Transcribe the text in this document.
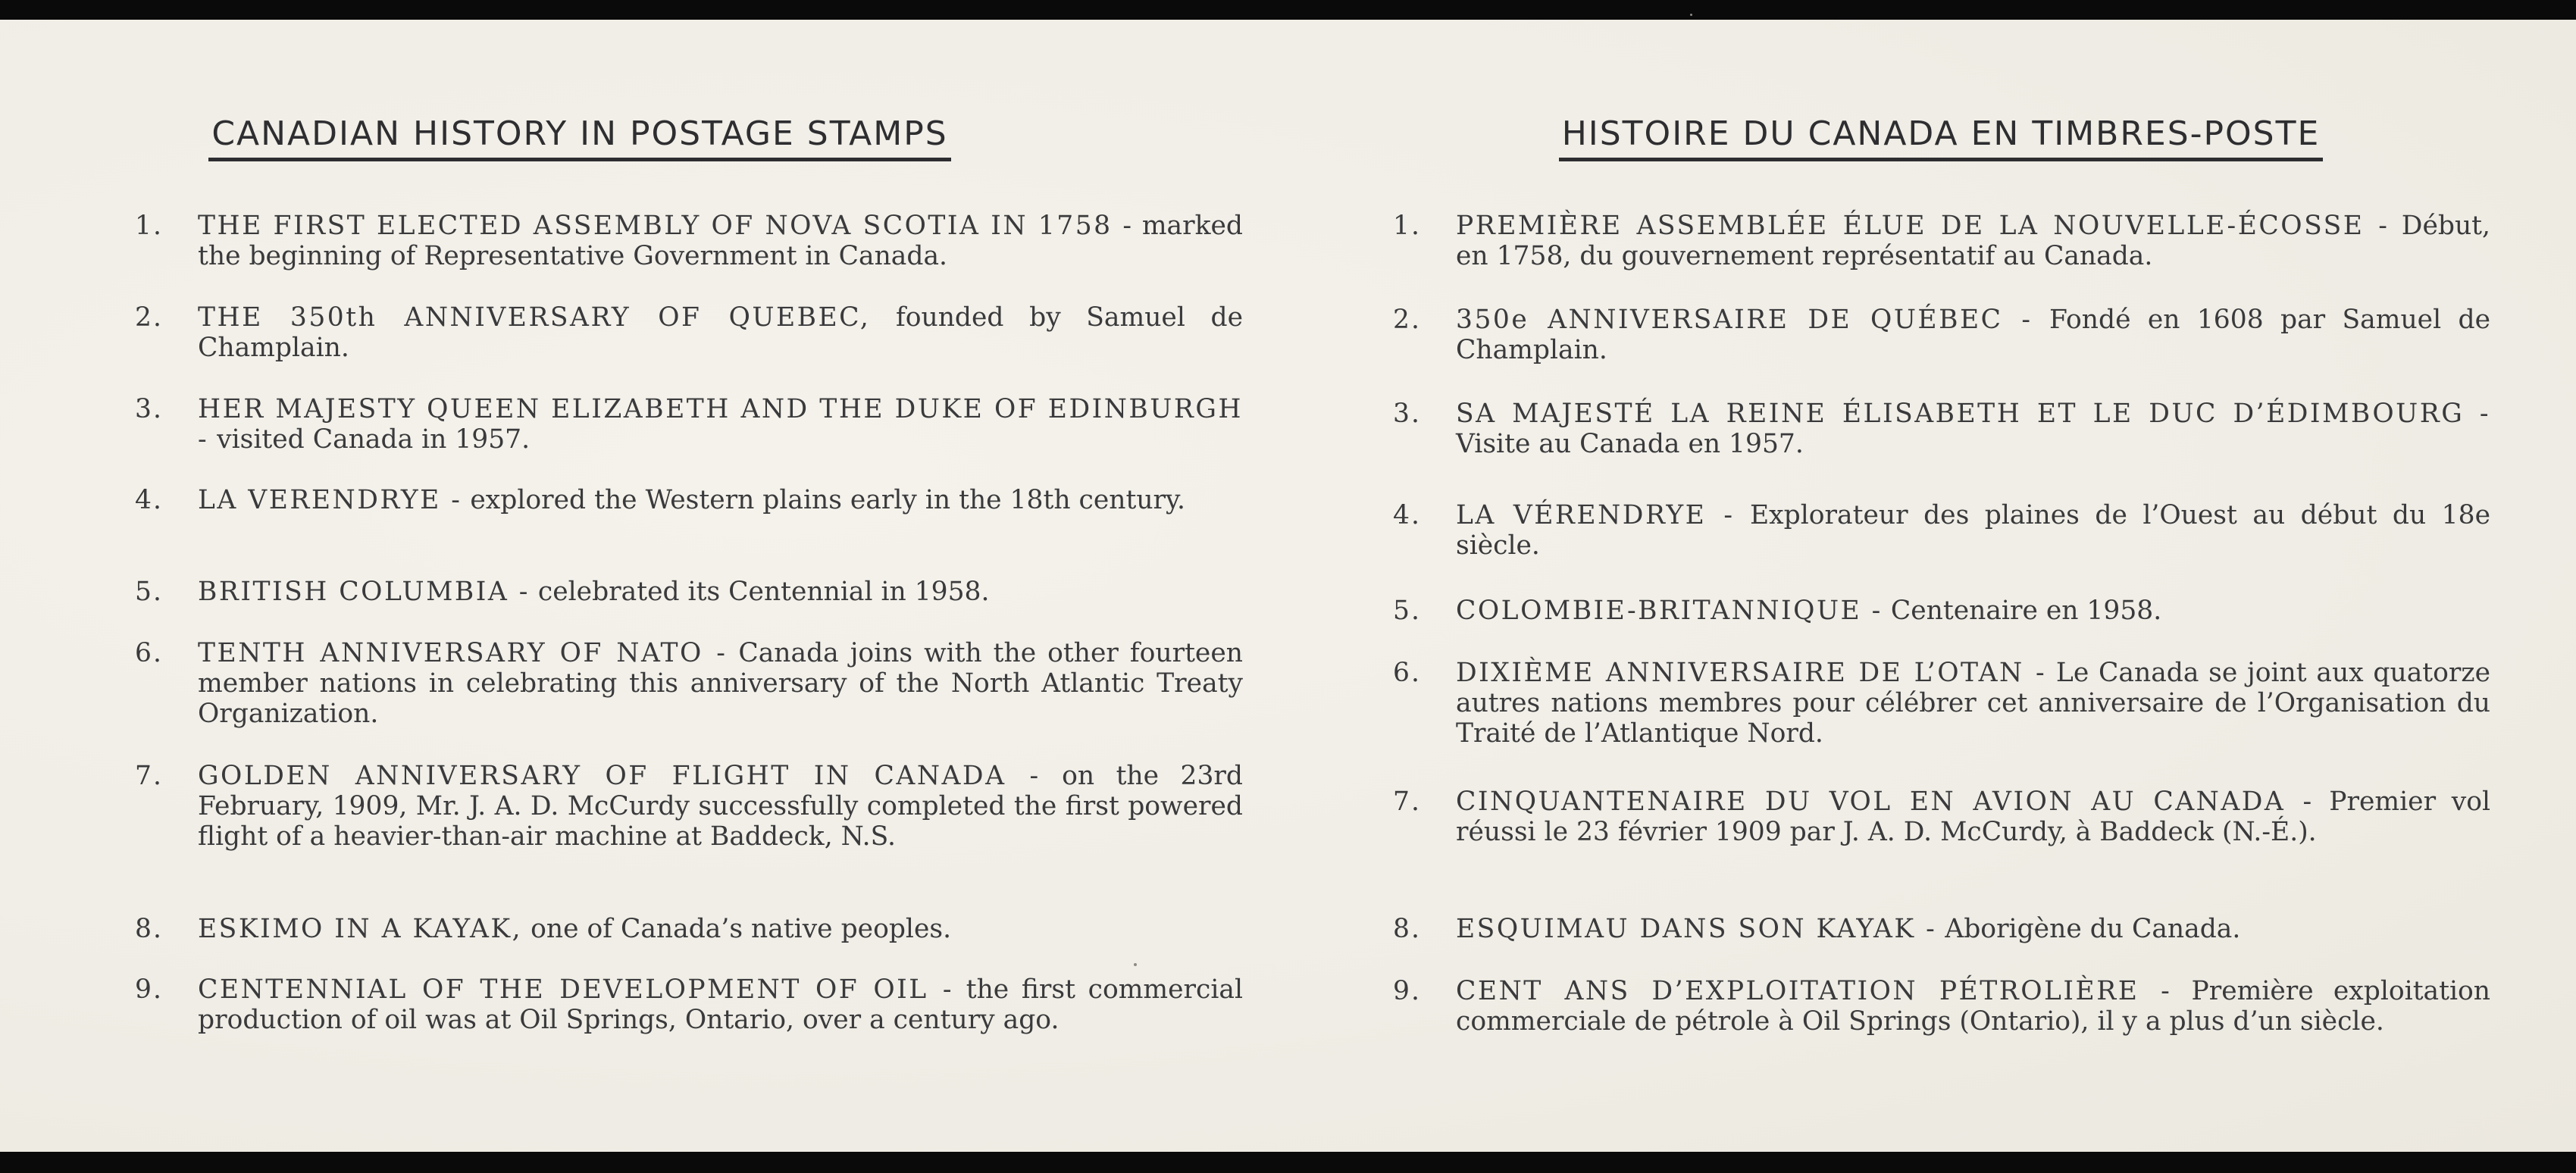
CANADIAN HISTORY IN POSTAGE STAMPS
1.	THE FIRST ELECTED ASSEMBLY OF NOVA SCOTIA IN 1758 - marked the beginning of Representative Government in Canada.
2.	THE 350th ANNIVERSARY OF QUEBEC, founded by Samuel de Champlain.
3.	HER MAJESTY QUEEN ELIZABETH AND THE DUKE OF EDINBURGH - visited Canada in 1957.
4.	LA VERENDRYE - explored the Western plains early in the 18th century.
5.	BRITISH COLUMBIA - celebrated its Centennial in 1958.
6.	TENTH ANNIVERSARY OF NATO - Canada joins with the other fourteen member nations in celebrating this anniversary of the North Atlantic Treaty Organization.
7.	GOLDEN ANNIVERSARY OF FLIGHT IN CANADA - on the 23rd February, 1909, Mr. J. A. D. McCurdy successfully completed the first powered flight of a heavier-than-air machine at Baddeck, N.S.
8.	ESKIMO IN A KAYAK, one of Canada’s native peoples.
9.	CENTENNIAL OF THE DEVELOPMENT OF OIL - the first commercial production of oil was at Oil Springs, Ontario, over a century ago.
HISTOIRE DU CANADA EN TIMBRES-POSTE
1.	PREMIÈRE ASSEMBLÉE ÉLUE DE LA NOUVELLE-ÉCOSSE - Début, en 1758, du gouvernement représentatif au Canada.
2.	350e ANNIVERSAIRE DE QUÉBEC - Fondé en 1608 par Samuel de Champlain.
3.	SA MAJESTÉ LA REINE ÉLISABETH ET LE DUC D’ÉDIMBOURG - Visite au Canada en 1957.
4.	LA VÉRENDRYE - Explorateur des plaines de l’Ouest au début du 18e siècle.
5.	COLOMBIE-BRITANNIQUE - Centenaire en 1958.
6.	DIXIÈME ANNIVERSAIRE DE L’OTAN - Le Canada se joint aux quatorze autres nations membres pour célébrer cet anniversaire de l’Organisation du Traité de l’Atlantique Nord.
7.	CINQUANTENAIRE DU VOL EN AVION AU CANADA - Premier vol réussi le 23 février 1909 par J. A. D. McCurdy, à Baddeck (N.-É.).
8.	ESQUIMAU DANS SON KAYAK - Aborigène du Canada.
9.	CENT ANS D’EXPLOITATION PÉTROLIÈRE - Première exploitation commerciale de pétrole à Oil Springs (Ontario), il y a plus d’un siècle.
